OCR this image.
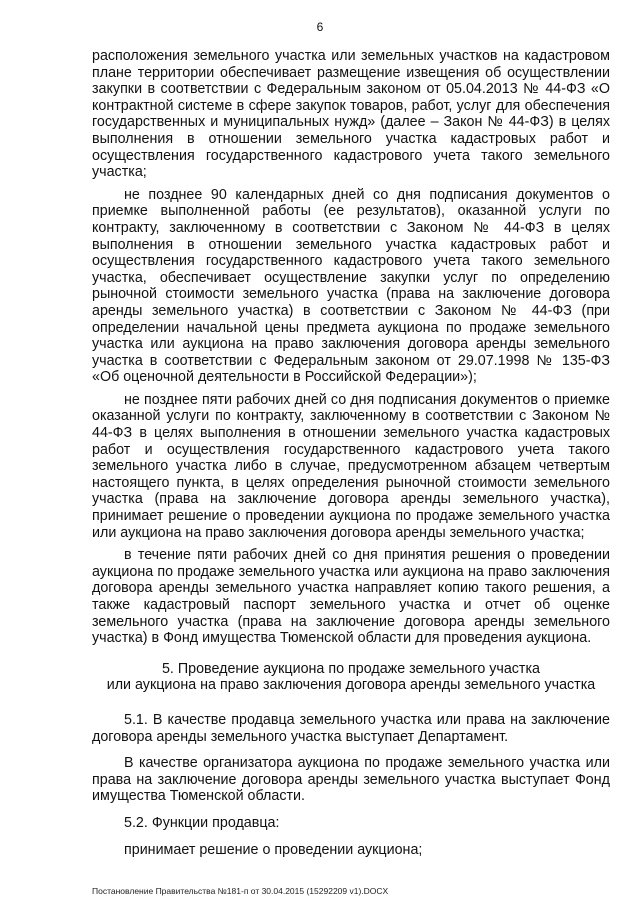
6

расположения земельного участка или земельных участков на кадастровом плане территории обеспечивает размещение извещения об осуществлении закупки в соответствии с Федеральным законом от 05.04.2013 № 44-ФЗ «О контрактной системе в сфере закупок товаров, работ, услуг для обеспечения государственных и муниципальных нужд» (далее – Закон № 44-ФЗ) в целях выполнения в отношении земельного участка кадастровых работ и осуществления государственного кадастрового учета такого земельного участка;

не позднее 90 календарных дней со дня подписания документов о приемке выполненной работы (ее результатов), оказанной услуги по контракту, заключенному в соответствии с Законом № 44-ФЗ в целях выполнения в отношении земельного участка кадастровых работ и осуществления государственного кадастрового учета такого земельного участка, обеспечивает осуществление закупки услуг по определению рыночной стоимости земельного участка (права на заключение договора аренды земельного участка) в соответствии с Законом № 44-ФЗ (при определении начальной цены предмета аукциона по продаже земельного участка или аукциона на право заключения договора аренды земельного участка в соответствии с Федеральным законом от 29.07.1998 № 135-ФЗ «Об оценочной деятельности в Российской Федерации»);

не позднее пяти рабочих дней со дня подписания документов о приемке оказанной услуги по контракту, заключенному в соответствии с Законом № 44-ФЗ в целях выполнения в отношении земельного участка кадастровых работ и осуществления государственного кадастрового учета такого земельного участка либо в случае, предусмотренном абзацем четвертым настоящего пункта, в целях определения рыночной стоимости земельного участка (права на заключение договора аренды земельного участка), принимает решение о проведении аукциона по продаже земельного участка или аукциона на право заключения договора аренды земельного участка;

в течение пяти рабочих дней со дня принятия решения о проведении аукциона по продаже земельного участка или аукциона на право заключения договора аренды земельного участка направляет копию такого решения, а также кадастровый паспорт земельного участка и отчет об оценке земельного участка (права на заключение договора аренды земельного участка) в Фонд имущества Тюменской области для проведения аукциона.

5. Проведение аукциона по продаже земельного участка
или аукциона на право заключения договора аренды земельного участка

5.1. В качестве продавца земельного участка или права на заключение договора аренды земельного участка выступает Департамент.

В качестве организатора аукциона по продаже земельного участка или права на заключение договора аренды земельного участка выступает Фонд имущества Тюменской области.

5.2. Функции продавца:

принимает решение о проведении аукциона;

Постановление Правительства №181-п от 30.04.2015 (15292209 v1).DOCX
